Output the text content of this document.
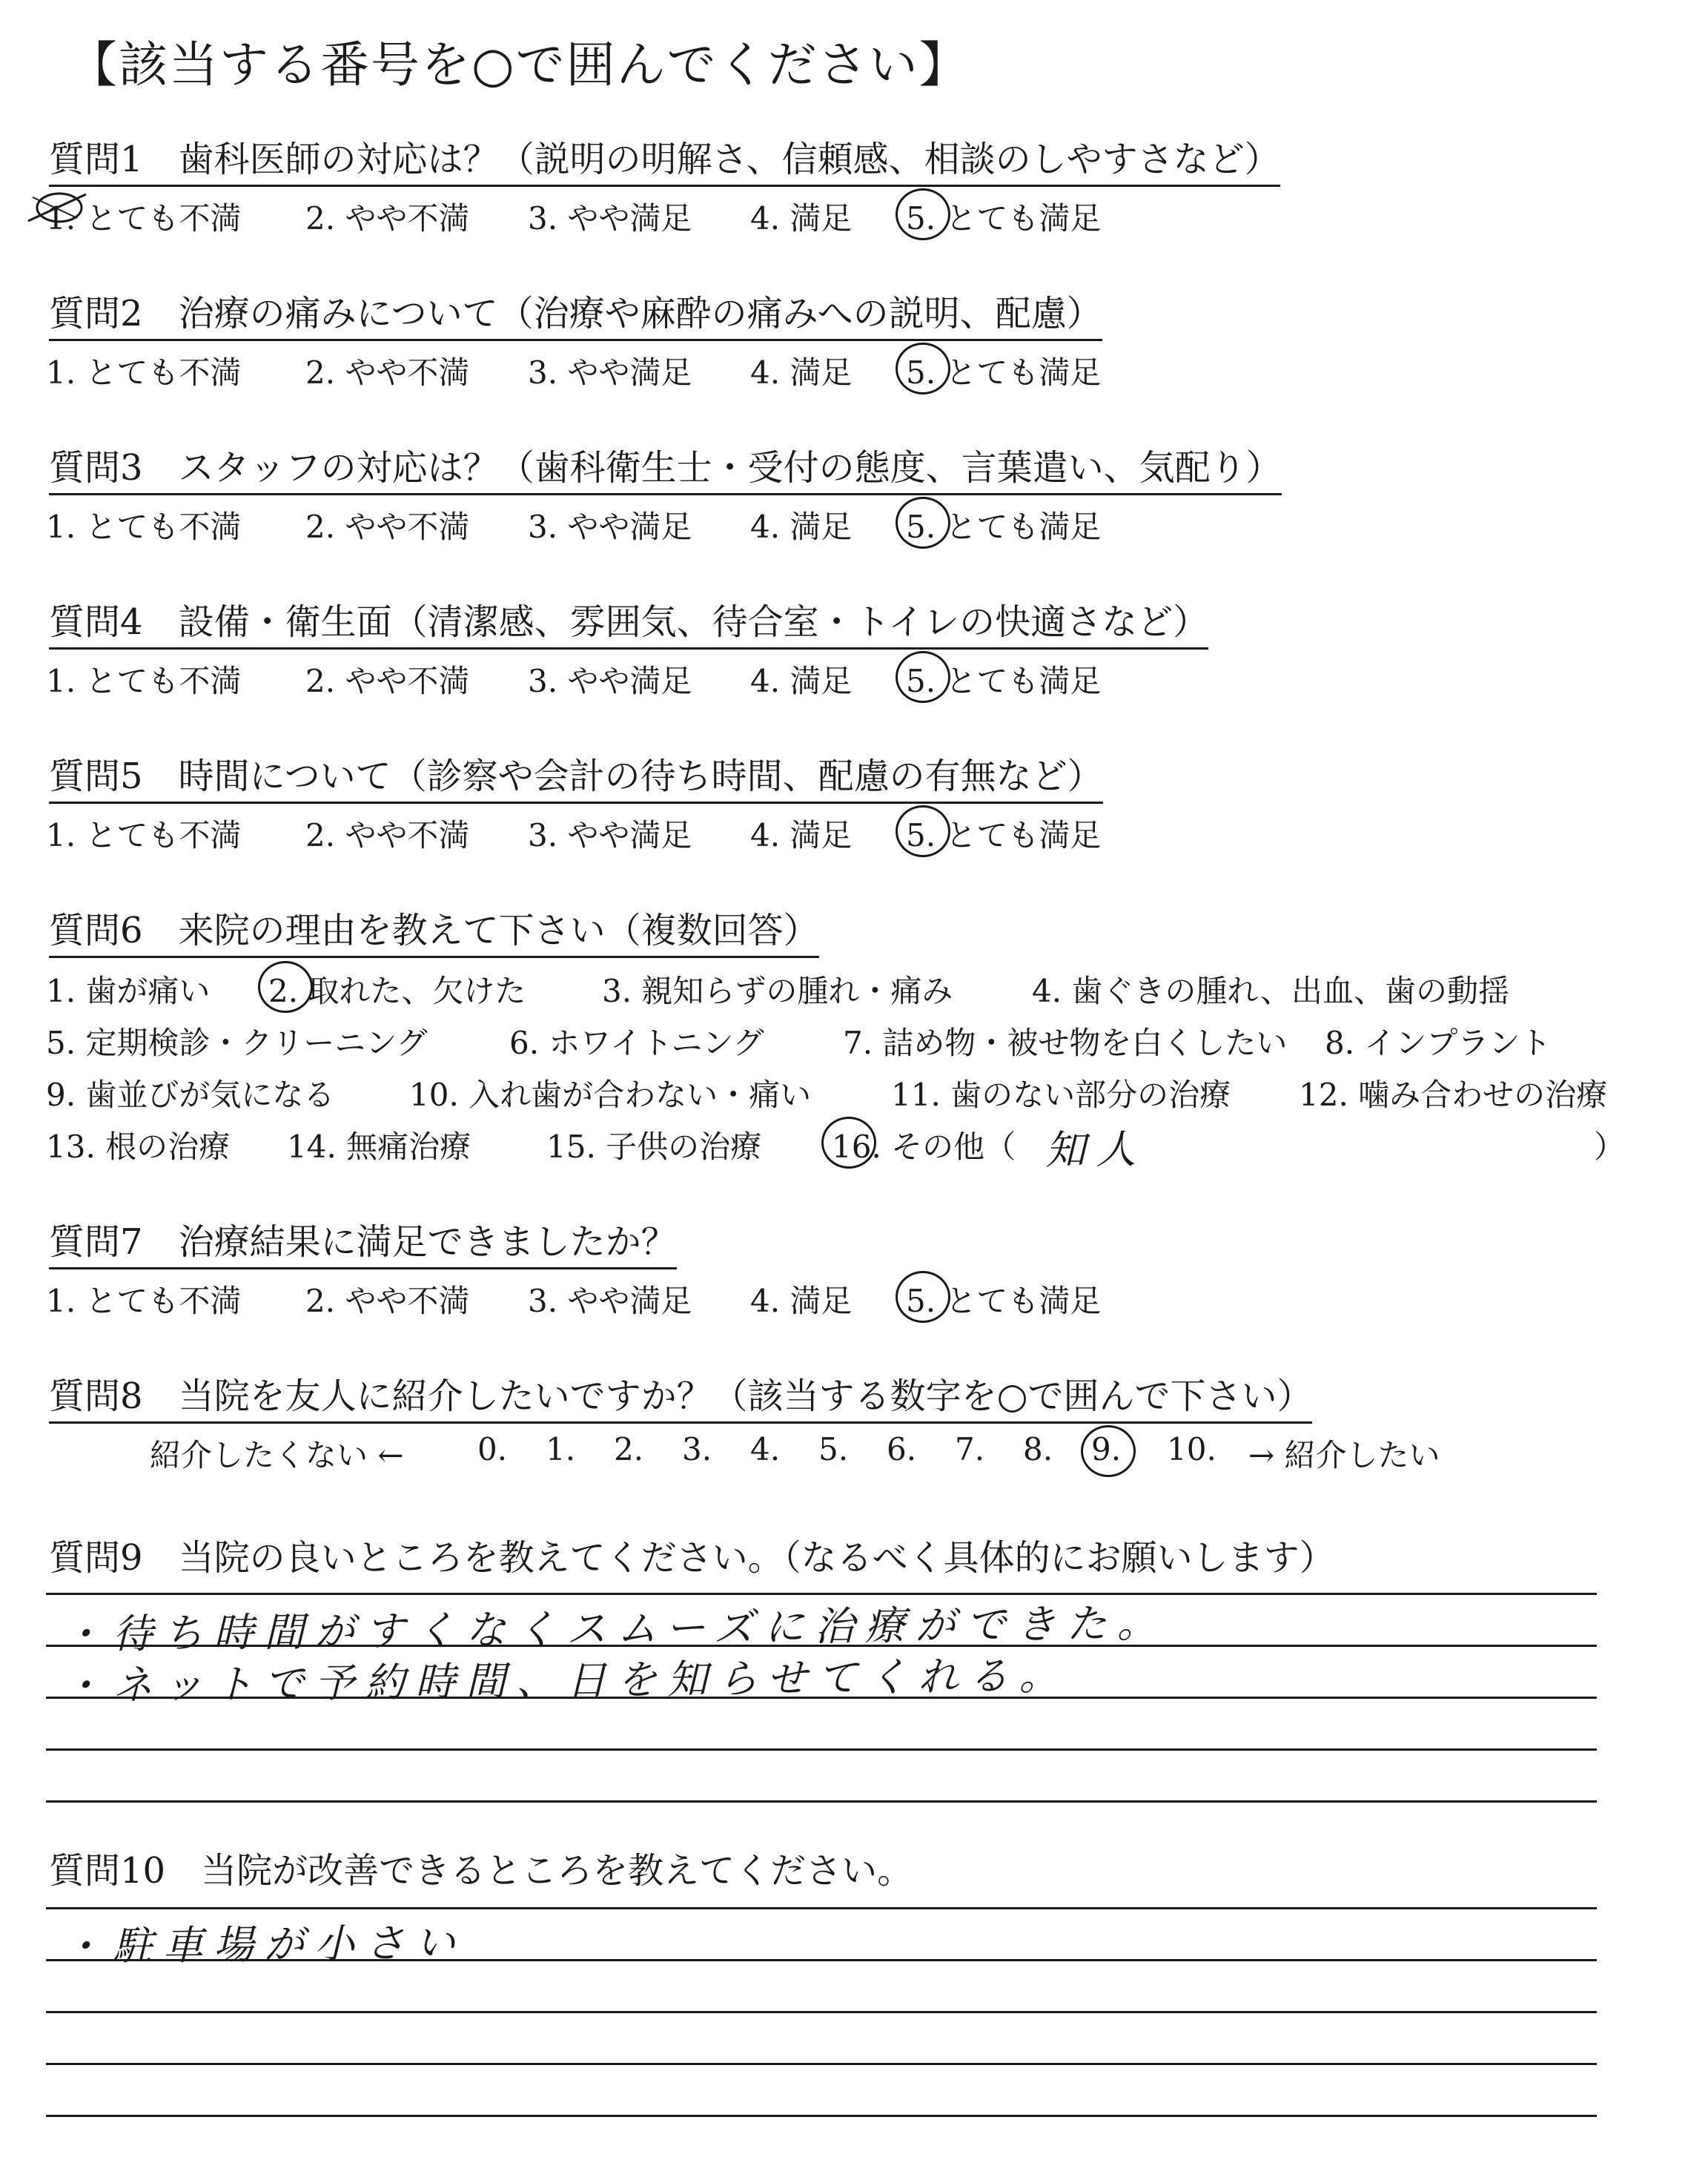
【該当する番号を○で囲んでください】
質問1　 歯科医師の対応は？（説明の明解さ、信頼感、相談のしやすさなど）
1. とても不満 2. やや不満 3. やや満足 4. 満足 5. とても満足
質問2　 治療の痛みについて（治療や麻酔の痛みへの説明、配慮）
1. とても不満 2. やや不満 3. やや満足 4. 満足 5. とても満足
質問3　 スタッフの対応は？（歯科衛生士・受付の態度、言葉遣い、気配り）
1. とても不満 2. やや不満 3. やや満足 4. 満足 5. とても満足
質問4　 設備・衛生面（清潔感、雰囲気、待合室・トイレの快適さなど）
1. とても不満 2. やや不満 3. やや満足 4. 満足 5. とても満足
質問5　 時間について（診察や会計の待ち時間、配慮の有無など）
1. とても不満 2. やや不満 3. やや満足 4. 満足 5. とても満足
質問6　 来院の理由を教えて下さい（複数回答）
1. 歯が痛い 2. 取れた、欠けた 3. 親知らずの腫れ・痛み	4. 歯ぐきの腫れ、出血、歯の動揺
5. 定期検診・クリーニング	6. ホワイトニング	7. 詰め物・被せ物を白くしたい 8. インプラント
9. 歯並びが気になる 10. 入れ歯が合わない・痛い	11. 歯のない部分の治療 12. 噛み合わせの治療
13. 根の治療 14. 無痛治療 15. 子供の治療 16. その他（ 知人	）
質問7　 治療結果に満足できましたか？
1. とても不満 2. やや不満 3. やや満足 4. 満足 5. とても満足
質問8　 当院を友人に紹介したいですか？（該当する数字を○で囲んで下さい）
紹介したくない ← 0. 1. 2. 3. 4. 5. 6. 7. 8. 9. 10. → 紹介したい
質問9　 当院の良いところを教えてください。（なるべく具体的にお願いします）
・待ち時間がすくなくスムーズに治療ができた。
・ネットで予約時間、日を知らせてくれる。
質問10　 当院が改善できるところを教えてください。
・駐車場が小さい
